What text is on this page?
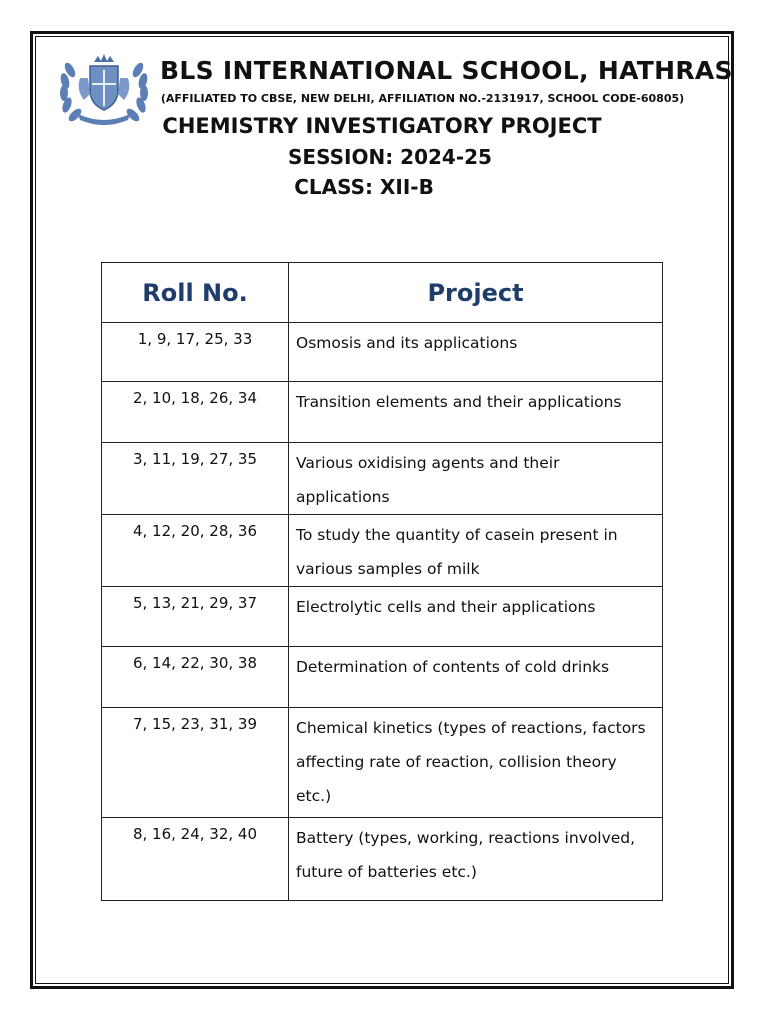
BLS INTERNATIONAL SCHOOL, HATHRAS
(AFFILIATED TO CBSE, NEW DELHI, AFFILIATION NO.-2131917, SCHOOL CODE-60805)
CHEMISTRY INVESTIGATORY PROJECT
SESSION: 2024-25
CLASS: XII-B
Roll No.	Project
1, 9, 17, 25, 33	Osmosis and its applications
2, 10, 18, 26, 34	Transition elements and their applications
3, 11, 19, 27, 35	Various oxidising agents and their applications
4, 12, 20, 28, 36	To study the quantity of casein present in various samples of milk
5, 13, 21, 29, 37	Electrolytic cells and their applications
6, 14, 22, 30, 38	Determination of contents of cold drinks
7, 15, 23, 31, 39	Chemical kinetics (types of reactions, factors affecting rate of reaction, collision theory etc.)
8, 16, 24, 32, 40	Battery (types, working, reactions involved, future of batteries etc.)
